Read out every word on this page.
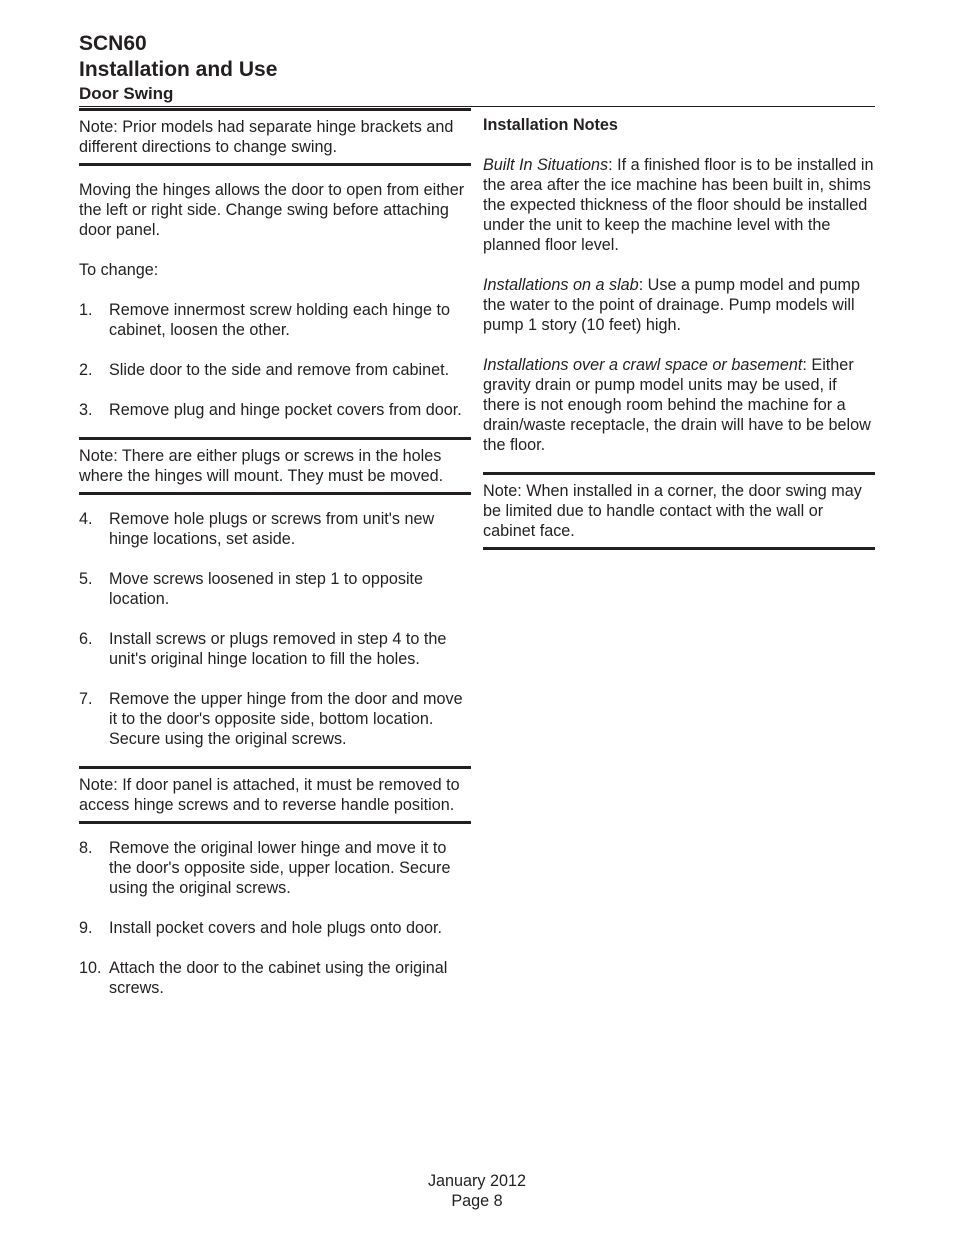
SCN60

Installation and Use

Door Swing

Note: Prior models had separate hinge brackets and different directions to change swing.

Moving the hinges allows the door to open from either the left or right side. Change swing before attaching door panel.

To change:

1. Remove innermost screw holding each hinge to cabinet, loosen the other.
2. Slide door to the side and remove from cabinet.
3. Remove plug and hinge pocket covers from door.

Note: There are either plugs or screws in the holes where the hinges will mount. They must be moved.

4. Remove hole plugs or screws from unit's new hinge locations, set aside.
5. Move screws loosened in step 1 to opposite location.
6. Install screws or plugs removed in step 4 to the unit's original hinge location to fill the holes.
7. Remove the upper hinge from the door and move it to the door's opposite side, bottom location. Secure using the original screws.

Note: If door panel is attached, it must be removed to access hinge screws and to reverse handle position.

8. Remove the original lower hinge and move it to the door's opposite side, upper location. Secure using the original screws.
9. Install pocket covers and hole plugs onto door.
10. Attach the door to the cabinet using the original screws.

Installation Notes

Built In Situations: If a finished floor is to be installed in the area after the ice machine has been built in, shims the expected thickness of the floor should be installed under the unit to keep the machine level with the planned floor level.

Installations on a slab: Use a pump model and pump the water to the point of drainage. Pump models will pump 1 story (10 feet) high.

Installations over a crawl space or basement: Either gravity drain or pump model units may be used, if there is not enough room behind the machine for a drain/waste receptacle, the drain will have to be below the floor.

Note: When installed in a corner, the door swing may be limited due to handle contact with the wall or cabinet face.

January 2012

Page 8
